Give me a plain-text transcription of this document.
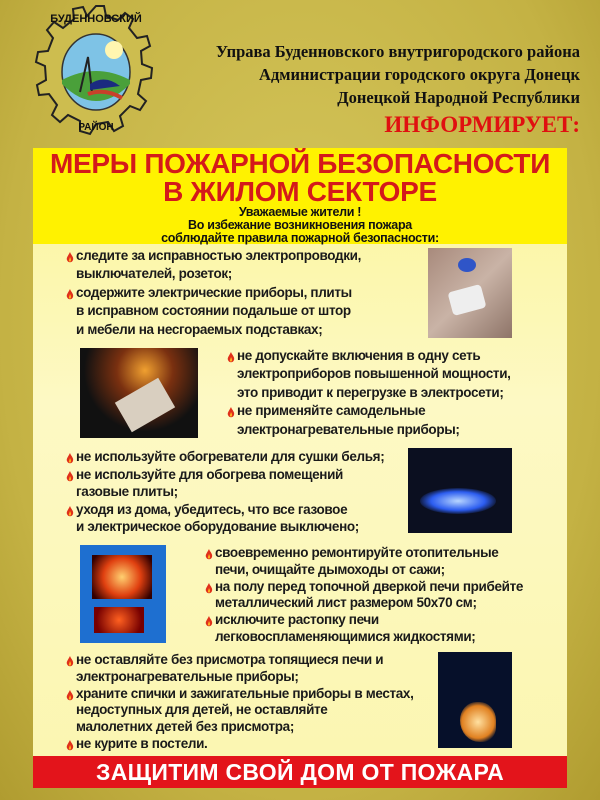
БУДЕННОВСКИЙ
РАЙОН
Управа Буденновского внутригородского района
Администрации городского округа Донецк
Донецкой Народной Республики
ИНФОРМИРУЕТ:
МЕРЫ ПОЖАРНОЙ БЕЗОПАСНОСТИ
В ЖИЛОМ СЕКТОРЕ
Уважаемые жители !
Во избежание возникновения пожара
соблюдайте правила пожарной безопасности:
следите за исправностью электропроводки,
выключателей, розеток;
содержите электрические приборы, плиты
в исправном состоянии подальше от штор
и мебели на несгораемых подставках;
не допускайте включения в одну сеть
электроприборов повышенной мощности,
это приводит к перегрузке в электросети;
не применяйте самодельные
электронагревательные приборы;
не используйте обогреватели для сушки белья;
не используйте для обогрева помещений
газовые плиты;
уходя из дома, убедитесь, что все газовое
и электрическое оборудование выключено;
своевременно ремонтируйте отопительные
печи, очищайте дымоходы от сажи;
на полу перед топочной дверкой печи прибейте
металлический лист размером 50х70 см;
исключите растопку печи
легковоспламеняющимися жидкостями;
не оставляйте без присмотра топящиеся печи и
электронагревательные приборы;
храните спички и зажигательные приборы в местах,
недоступных для детей, не оставляйте
малолетних детей без присмотра;
не курите в постели.
ЗАЩИТИМ СВОЙ ДОМ ОТ ПОЖАРА
